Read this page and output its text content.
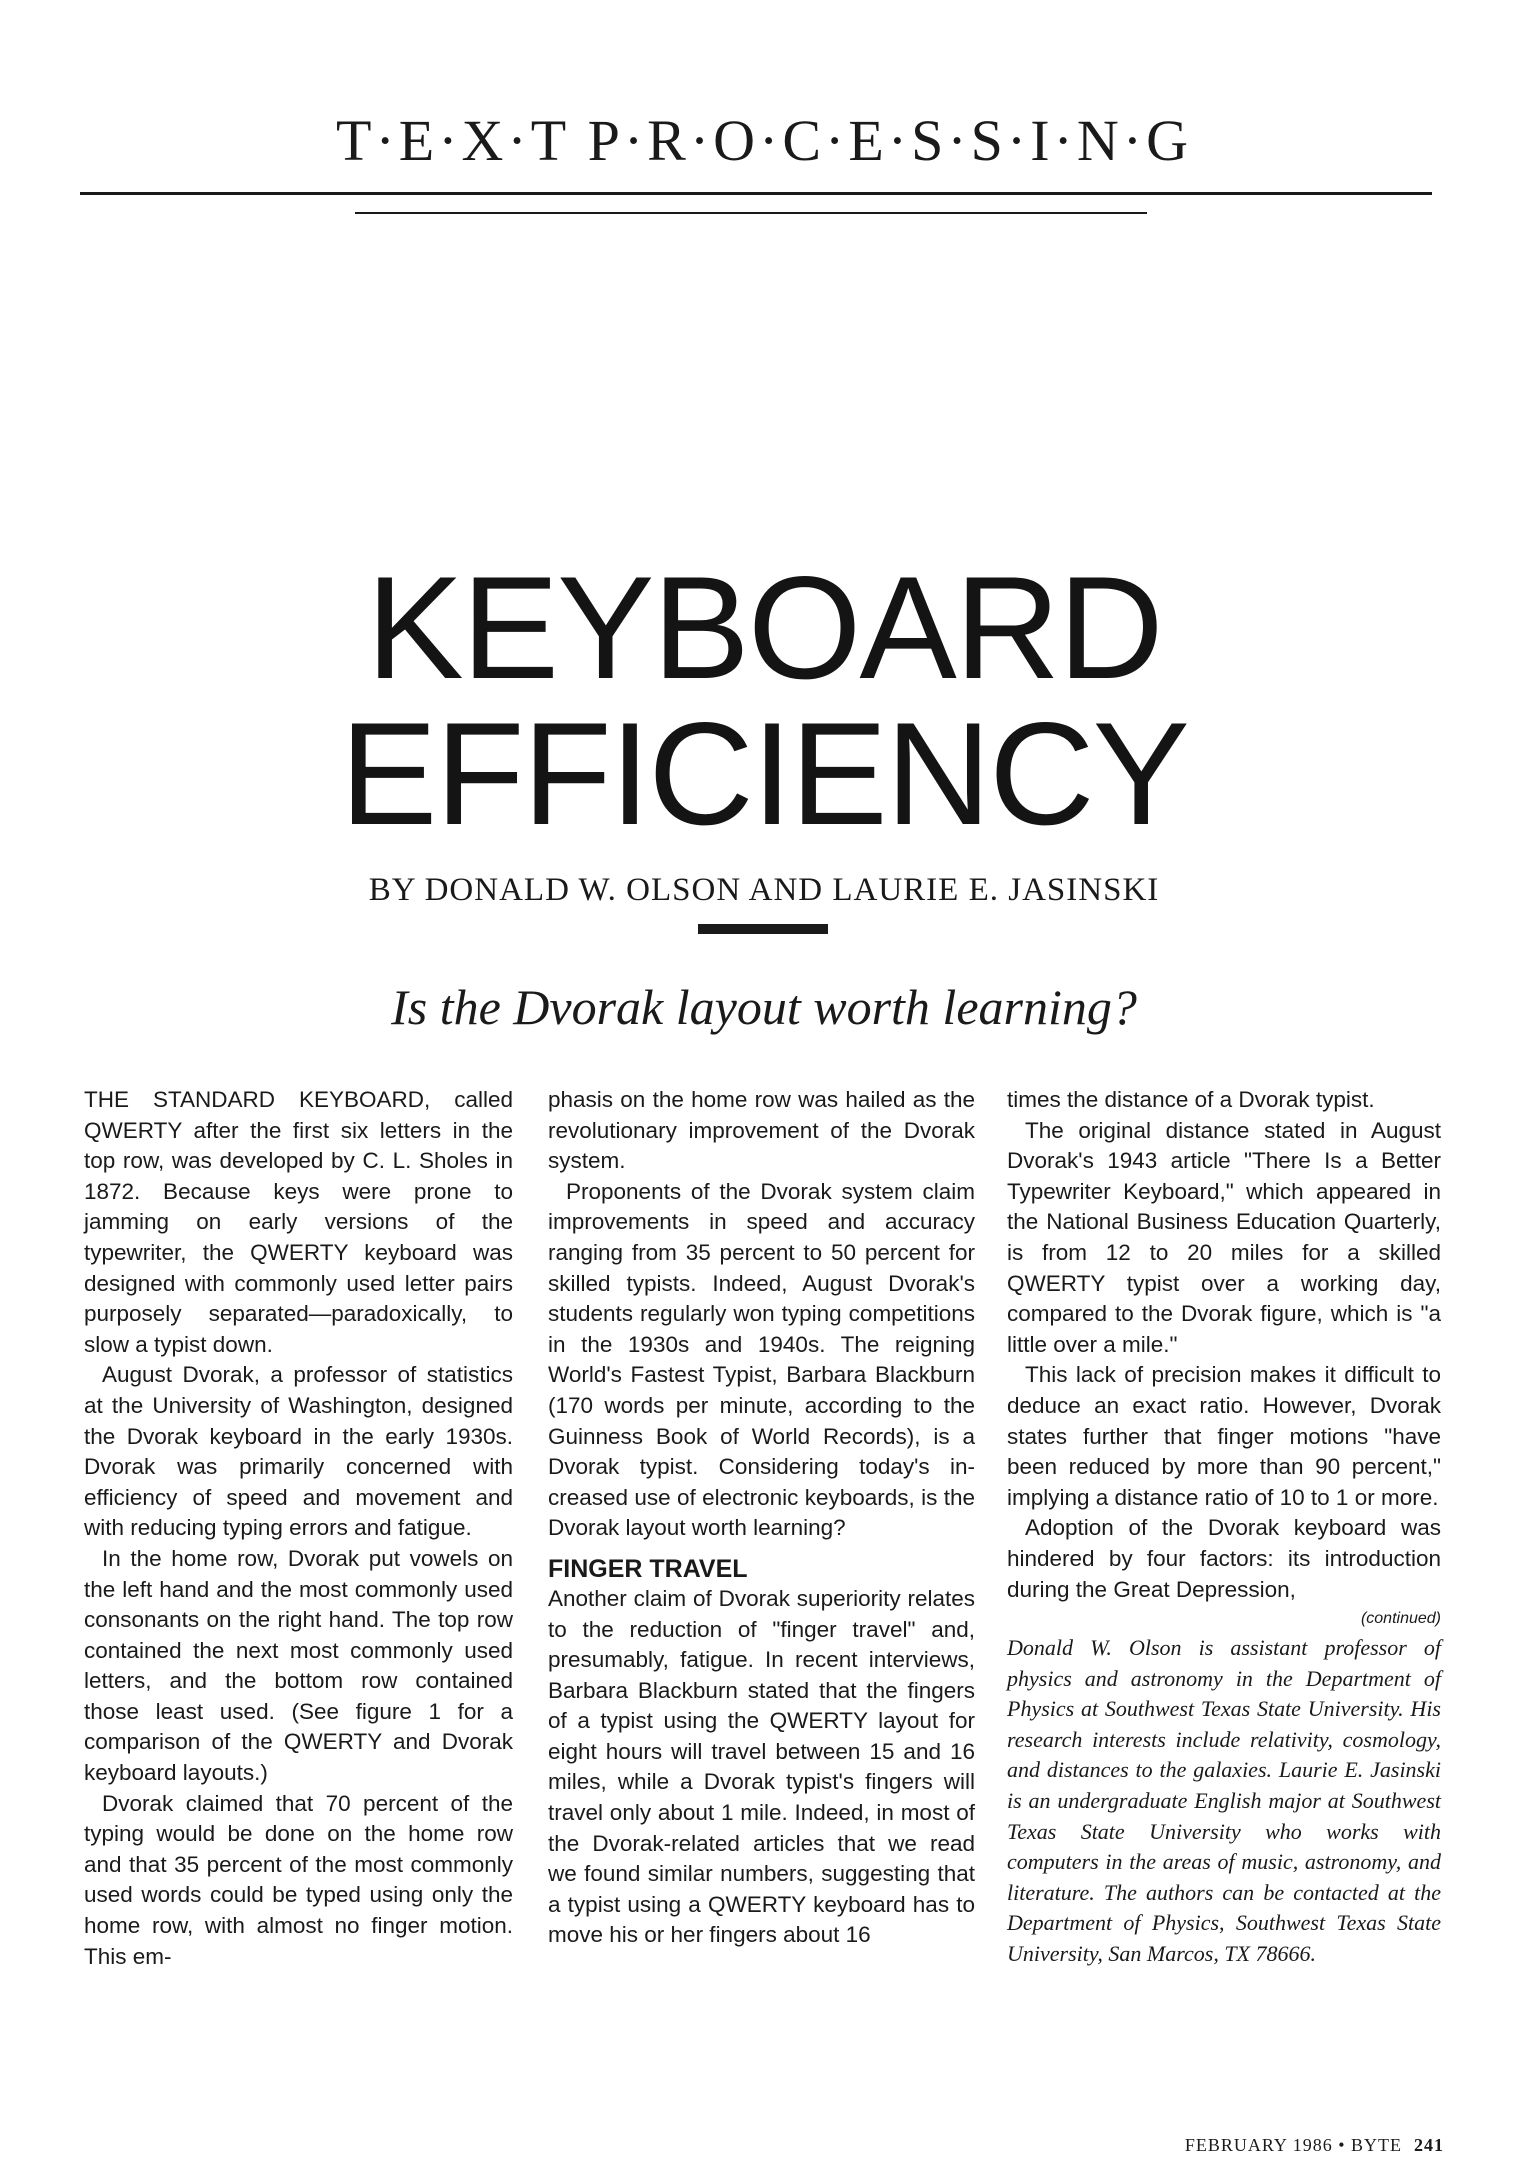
T·E·X·T P·R·O·C·E·S·S·I·N·G
KEYBOARD
EFFICIENCY
BY DONALD W. OLSON AND LAURIE E. JASINSKI
Is the Dvorak layout worth learning?

THE STANDARD KEYBOARD, called QWERTY after the first six letters in the top row, was developed by C. L. Sholes in 1872. Because keys were prone to jamming on early versions of the typewriter, the QWERTY keyboard was designed with commonly used letter pairs purposely separated—paradoxically, to slow a typist down.

August Dvorak, a professor of statistics at the University of Washington, designed the Dvorak keyboard in the early 1930s. Dvorak was primarily concerned with efficiency of speed and movement and with reducing typing errors and fatigue.

In the home row, Dvorak put vowels on the left hand and the most commonly used consonants on the right hand. The top row contained the next most commonly used letters, and the bottom row contained those least used. (See figure 1 for a comparison of the QWERTY and Dvorak keyboard layouts.)

Dvorak claimed that 70 percent of the typing would be done on the home row and that 35 percent of the most commonly used words could be typed using only the home row, with almost no finger motion. This em-

phasis on the home row was hailed as the revolutionary improvement of the Dvorak system.

Proponents of the Dvorak system claim improvements in speed and accuracy ranging from 35 percent to 50 percent for skilled typists. Indeed, August Dvorak's students regularly won typing competitions in the 1930s and 1940s. The reigning World's Fastest Typist, Barbara Blackburn (170 words per minute, according to the Guinness Book of World Records), is a Dvorak typist. Considering today's increased use of electronic keyboards, is the Dvorak layout worth learning?

FINGER TRAVEL

Another claim of Dvorak superiority relates to the reduction of "finger travel" and, presumably, fatigue. In recent interviews, Barbara Blackburn stated that the fingers of a typist using the QWERTY layout for eight hours will travel between 15 and 16 miles, while a Dvorak typist's fingers will travel only about 1 mile. Indeed, in most of the Dvorak-related articles that we read we found similar numbers, suggesting that a typist using a QWERTY keyboard has to move his or her fingers about 16

times the distance of a Dvorak typist.

The original distance stated in August Dvorak's 1943 article "There Is a Better Typewriter Keyboard," which appeared in the National Business Education Quarterly, is from 12 to 20 miles for a skilled QWERTY typist over a working day, compared to the Dvorak figure, which is "a little over a mile."

This lack of precision makes it difficult to deduce an exact ratio. However, Dvorak states further that finger motions "have been reduced by more than 90 percent," implying a distance ratio of 10 to 1 or more.

Adoption of the Dvorak keyboard was hindered by four factors: its introduction during the Great Depression,

(continued)
Donald W. Olson is assistant professor of physics and astronomy in the Department of Physics at Southwest Texas State University. His research interests include relativity, cosmology, and distances to the galaxies. Laurie E. Jasinski is an undergraduate English major at Southwest Texas State University who works with computers in the areas of music, astronomy, and literature. The authors can be contacted at the Department of Physics, Southwest Texas State University, San Marcos, TX 78666.
FEBRUARY 1986 • BYTE 241
